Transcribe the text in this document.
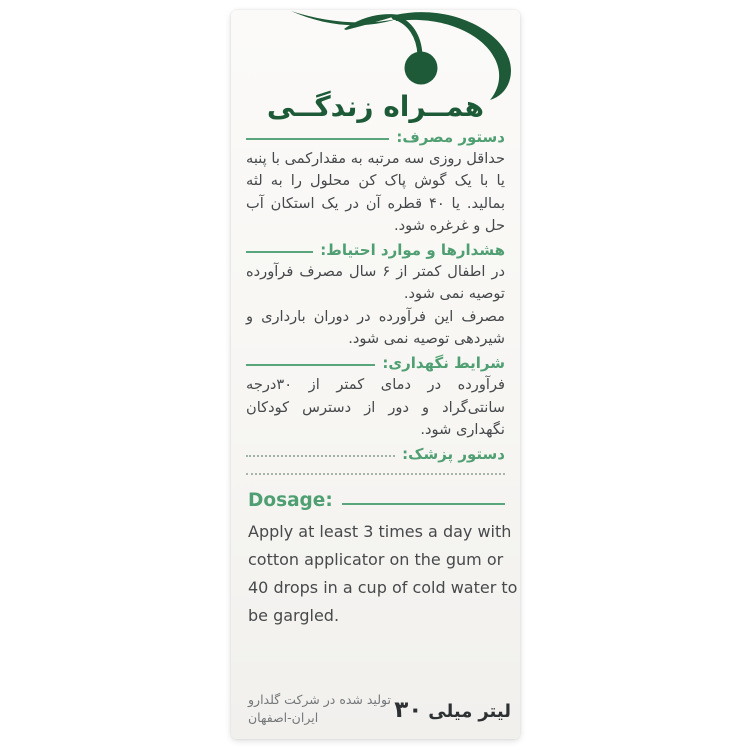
همــراه زندگــی
دستور مصرف:

حداقل روزی سه مرتبه به مقدارکمی با پنبه یا با یک گوش پاک کن محلول را به لثه بمالید. یا ۴۰ قطره آن در یک استکان آب حل و غرغره شود.

هشدارها و موارد احتیاط:

در اطفال کمتر از ۶ سال مصرف فرآورده توصیه نمی شود.

مصرف این فرآورده در دوران بارداری و شیردهی توصیه نمی شود.

شرایط نگهداری:

فرآورده در دمای کمتر از ۳۰درجه سانتی‌گراد و دور از دسترس کودکان نگهداری شود.

دستور پزشک:
Dosage:
Apply at least 3 times a day with
cotton applicator on the gum or
40 drops in a cup of cold water to
be gargled.
تولید شده در شرکت گلدارو
ایران-اصفهان	۳۰ میلی لیتر
